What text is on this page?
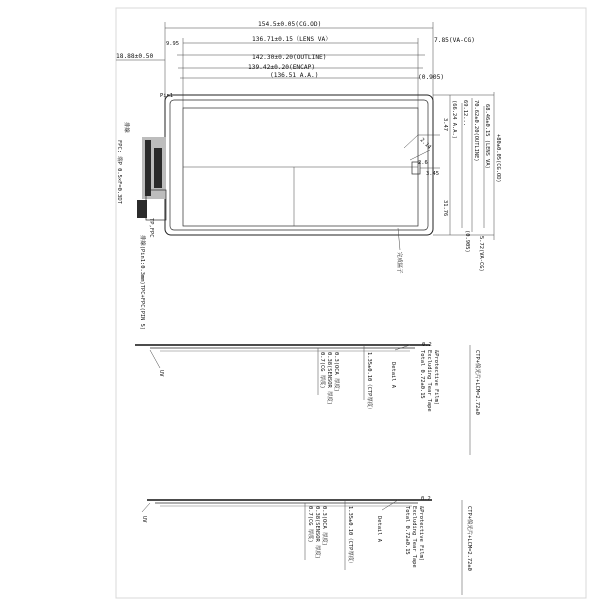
154.5±0.05(CG.OD)
136.71±0.15（LENS VA）	7.85(VA-CG)
9.95
142.30±0.20(OUTLINE)
139.42±0.20(ENCAP)
(136.51 A.A.)	(0.905)
18.88±0.50
Pin1
排線
FPC: 端P 0.5×F=0.3DT
TP,FPC
排線(Pin1:0.3mm)TPC+FPC(PIN 5)
3.47
2.14
2.6
3.45
31.76
(66.24 A.A.) 69.12... 70.62±0.20(OUTLINE) 68.46±0.15 (LENS VA) +80±0.05(CG.OD)
(0.905) 5.72(VA-CG)
完成區子
UV	0.7(CG 厚度) 0.38(SENSOR 厚度) 0.3(OCA 厚度)	1.35±0.10（CTP厚度）	Detail A	Total 0.72±0.15 Excluding Tear Tape &Protective Film)
0.2
CTP+偏光片+LCM=2.72±0
UV	0.7(CG 厚度) 0.38(SENSOR 厚度) 0.3(OCA 厚度)	1.35±0.10（CTP厚度）	Detail A	Total 0.72±0.15 Excluding Tear Tape &Protective Film)
0.2
CTP+偏光片+LCM=2.72±0
